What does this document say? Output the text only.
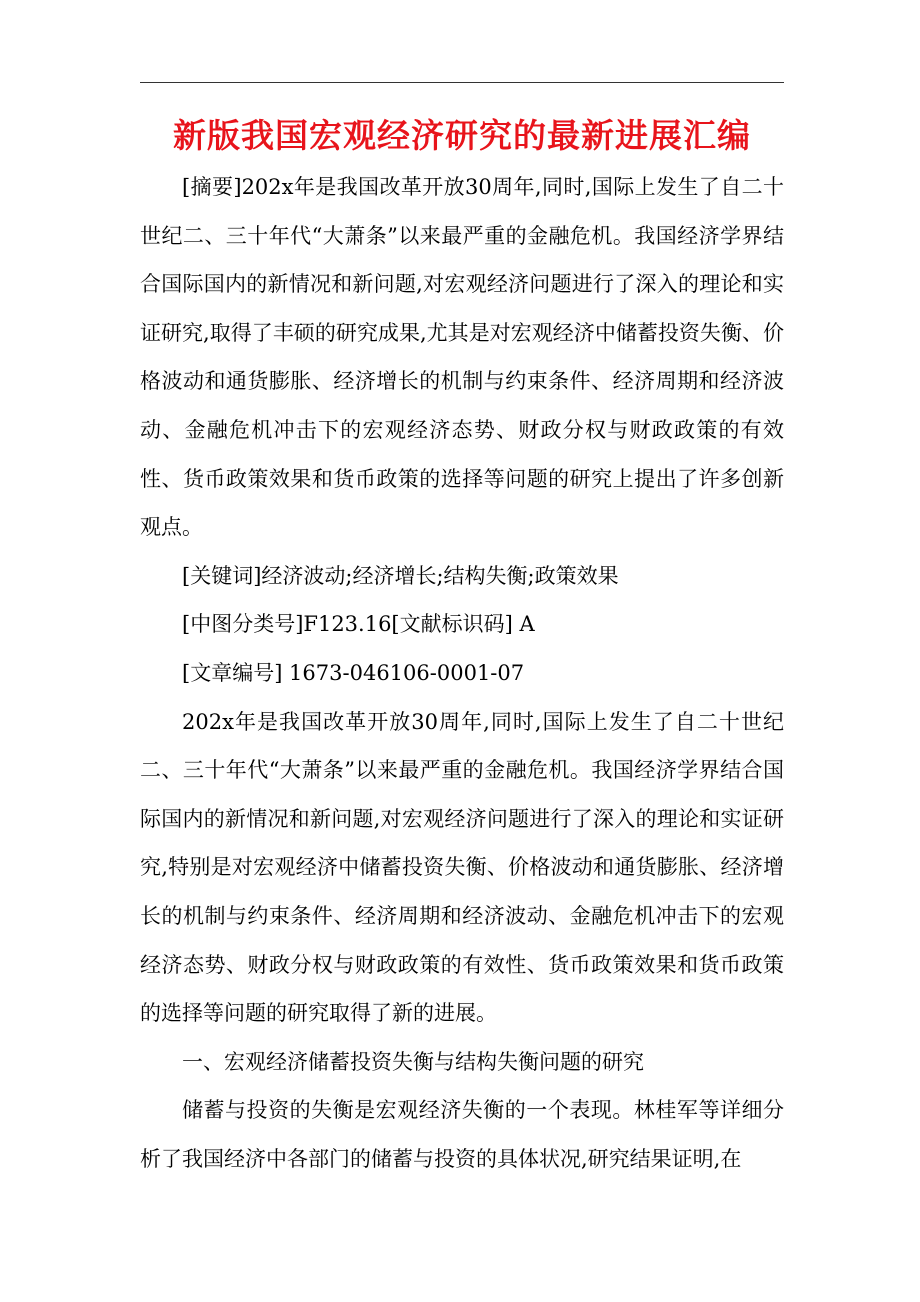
新版我国宏观经济研究的最新进展汇编

[摘要]202x年是我国改革开放30周年,同时,国际上发生了自二十世纪二、三十年代“大萧条”以来最严重的金融危机。我国经济学界结合国际国内的新情况和新问题,对宏观经济问题进行了深入的理论和实证研究,取得了丰硕的研究成果,尤其是对宏观经济中储蓄投资失衡、价格波动和通货膨胀、经济增长的机制与约束条件、经济周期和经济波动、金融危机冲击下的宏观经济态势、财政分权与财政政策的有效性、货币政策效果和货币政策的选择等问题的研究上提出了许多创新观点。

[关键词]经济波动;经济增长;结构失衡;政策效果

[中图分类号]F123.16[文献标识码] A

[文章编号] 1673-046106-0001-07

202x年是我国改革开放30周年,同时,国际上发生了自二十世纪二、三十年代“大萧条”以来最严重的金融危机。我国经济学界结合国际国内的新情况和新问题,对宏观经济问题进行了深入的理论和实证研究,特别是对宏观经济中储蓄投资失衡、价格波动和通货膨胀、经济增长的机制与约束条件、经济周期和经济波动、金融危机冲击下的宏观经济态势、财政分权与财政政策的有效性、货币政策效果和货币政策的选择等问题的研究取得了新的进展。

一、宏观经济储蓄投资失衡与结构失衡问题的研究

储蓄与投资的失衡是宏观经济失衡的一个表现。林桂军等详细分析了我国经济中各部门的储蓄与投资的具体状况,研究结果证明,在
